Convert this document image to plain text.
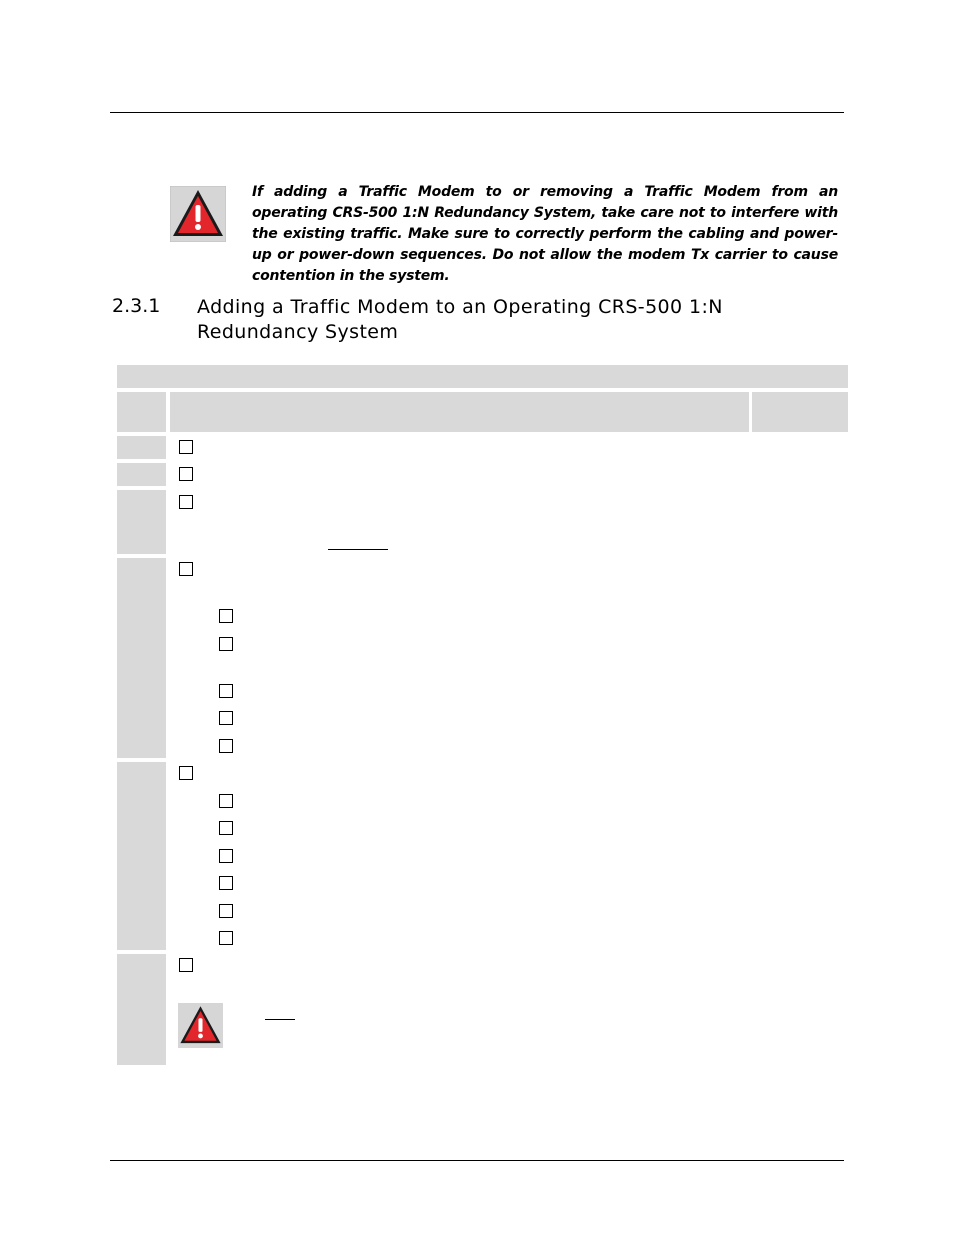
If adding a Traffic Modem to or removing a Traffic Modem from an operating CRS-500 1:N Redundancy System, take care not to interfere with the existing traffic. Make sure to correctly perform the cabling and power-up or power-down sequences. Do not allow the modem Tx carrier to cause contention in the system.
2.3.1 Adding a Traffic Modem to an Operating CRS-500 1:N Redundancy System
